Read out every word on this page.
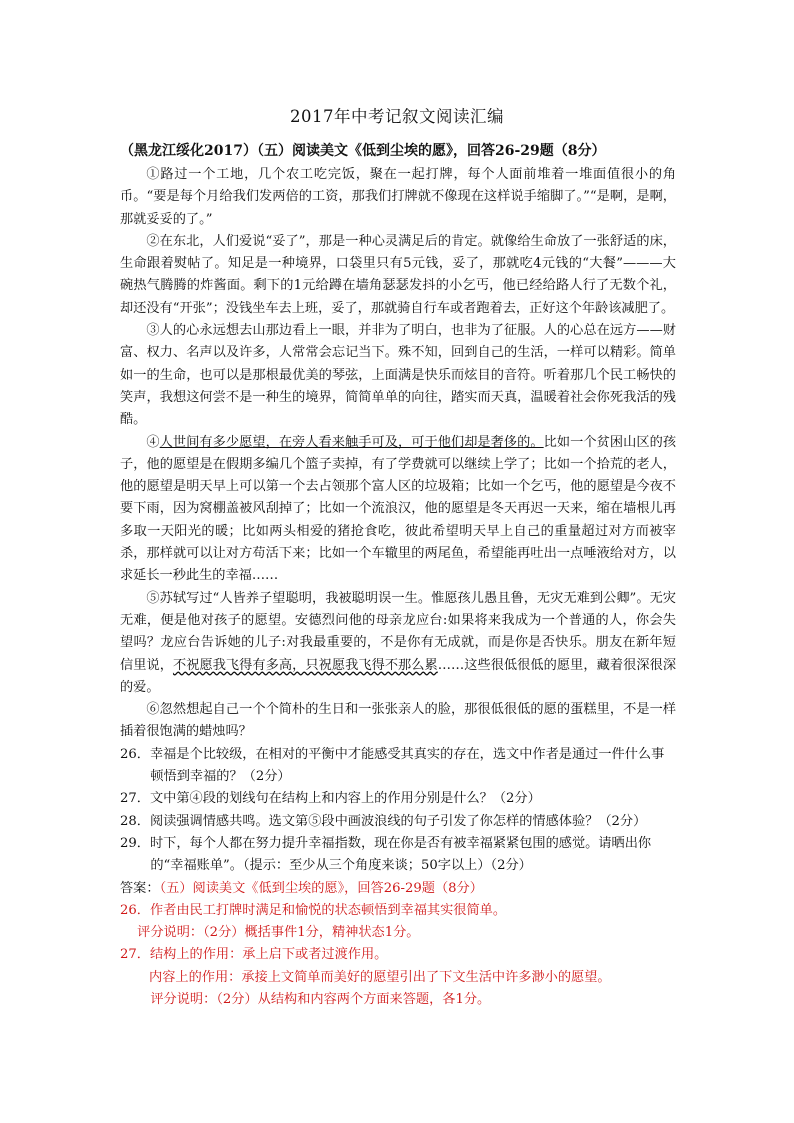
2017年中考记叙文阅读汇编
（黑龙江绥化2017）（五）阅读美文《低到尘埃的愿》，回答26-29题（8分）

①路过一个工地，几个农工吃完饭，聚在一起打牌，每个人面前堆着一堆面值很小的角币。“要是每个月给我们发两倍的工资，那我们打牌就不像现在这样说手缩脚了。”“是啊，是啊，那就妥妥的了。”

②在东北，人们爱说“妥了”，那是一种心灵满足后的肯定。就像给生命放了一张舒适的床，生命跟着熨帖了。知足是一种境界，口袋里只有5元钱，妥了，那就吃4元钱的“大餐”———大碗热气腾腾的炸酱面。剩下的1元给蹲在墙角瑟瑟发抖的小乞丐，他已经给路人行了无数个礼，却还没有“开张”；没钱坐车去上班，妥了，那就骑自行车或者跑着去，正好这个年龄该减肥了。

③人的心永远想去山那边看上一眼，并非为了明白，也非为了征服。人的心总在远方——财富、权力、名声以及许多，人常常会忘记当下。殊不知，回到自己的生活，一样可以精彩。简单如一的生命，也可以是那根最优美的琴弦，上面满是快乐而炫目的音符。听着那几个民工畅快的笑声，我想这何尝不是一种生的境界，简简单单的向往，踏实而天真，温暖着社会你死我活的残酷。

④人世间有多少愿望，在旁人看来触手可及，可于他们却是奢侈的。比如一个贫困山区的孩子，他的愿望是在假期多编几个篮子卖掉，有了学费就可以继续上学了；比如一个拾荒的老人，他的愿望是明天早上可以第一个去占领那个富人区的垃圾箱；比如一个乞丐，他的愿望是今夜不要下雨，因为窝棚盖被风刮掉了；比如一个流浪汉，他的愿望是冬天再迟一天来，缩在墙根儿再多取一天阳光的暖；比如两头相爱的猪抢食吃，彼此希望明天早上自己的重量超过对方而被宰杀，那样就可以让对方苟活下来；比如一个车辙里的两尾鱼，希望能再吐出一点唾液给对方，以求延长一秒此生的幸福……

⑤苏轼写过“人皆养子望聪明，我被聪明误一生。惟愿孩儿愚且鲁，无灾无难到公卿”。无灾无难，便是他对孩子的愿望。安德烈问他的母亲龙应台:如果将来我成为一个普通的人，你会失望吗？龙应台告诉她的儿子:对我最重要的，不是你有无成就，而是你是否快乐。朋友在新年短信里说，不祝愿我飞得有多高，只祝愿我飞得不那么累……这些很低很低的愿里，藏着很深很深的爱。

⑥忽然想起自己一个个简朴的生日和一张张亲人的脸，那很低很低的愿的蛋糕里，不是一样插着很饱满的蜡烛吗？

26．幸福是个比较级，在相对的平衡中才能感受其真实的存在，选文中作者是通过一件什么事顿悟到幸福的？（2分）

27．文中第④段的划线句在结构上和内容上的作用分别是什么？（2分）

28．阅读强调情感共鸣。选文第⑤段中画波浪线的句子引发了你怎样的情感体验？（2分）

29．时下，每个人都在努力提升幸福指数，现在你是否有被幸福紧紧包围的感觉。请晒出你的“幸福账单”。（提示：至少从三个角度来谈；50字以上）（2分）

答案：（五）阅读美文《低到尘埃的愿》，回答26-29题（8分）

26．作者由民工打牌时满足和愉悦的状态顿悟到幸福其实很简单。

评分说明：（2分）概括事件1分，精神状态1分。

27．结构上的作用：承上启下或者过渡作用。

内容上的作用：承接上文简单而美好的愿望引出了下文生活中许多渺小的愿望。

评分说明：（2分）从结构和内容两个方面来答题，各1分。
